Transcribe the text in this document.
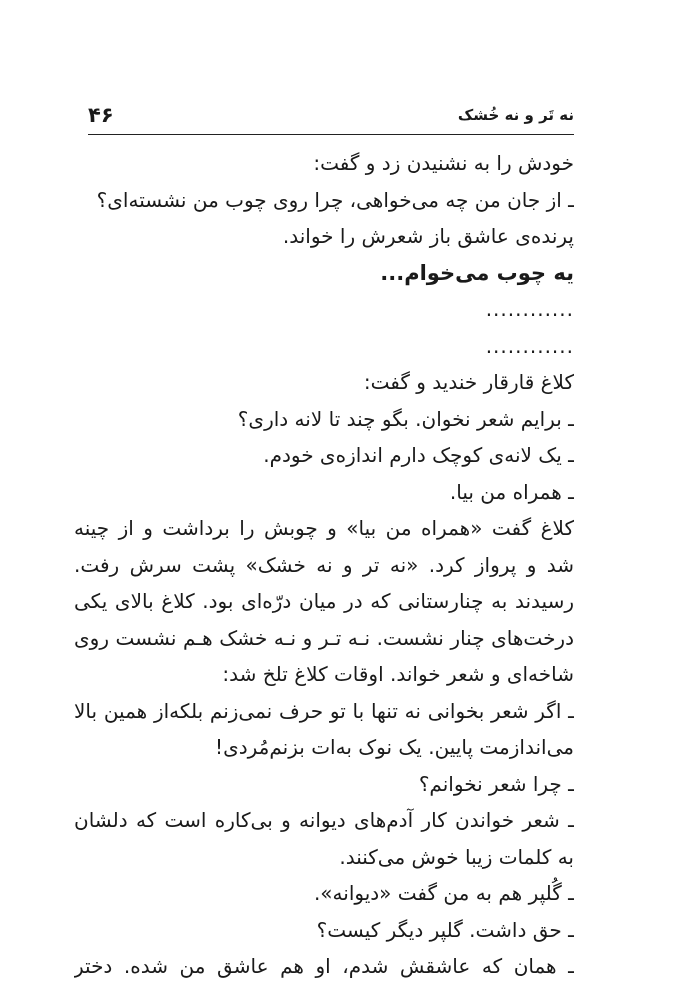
۴۶	نه تَر و نه خُشک
خودش را به نشنیدن زد و گفت:
ـ از جان من چه می‌خواهی، چرا روی چوب من نشسته‌ای؟
پرنده‌ی عاشق باز شعرش را خواند.
یه چوب می‌خوام...
............
............
کلاغ قارقار خندید و گفت:
ـ برایم شعر نخوان. بگو چند تا لانه داری؟
ـ یک لانه‌ی کوچک دارم اندازه‌ی خودم.
ـ همراه من بیا.
کلاغ گفت «همراه من بیا» و چوبش را برداشت و از چینه
شد و پرواز کرد. «نه تر و نه خشک» پشت سرش رفت.
رسیدند به چنارستانی که در میان درّه‌ای بود. کلاغ بالای یکی
درخت‌های چنار نشست. نـه تـر و نـه خشک هـم نشست روی
شاخه‌ای و شعر خواند. اوقات کلاغ تلخ شد:
ـ اگر شعر بخوانی نه تنها با تو حرف نمی‌زنم بلکه‌از همین بالا
می‌اندازمت پایین. یک نوک به‌ات بزنم‌مُردی!
ـ چرا شعر نخوانم؟
ـ شعر خواندن کار آدم‌های دیوانه و بی‌کاره است که دلشان
به کلمات زیبا خوش می‌کنند.
ـ گُلپر هم به من گفت «دیوانه».
ـ حق داشت. گلپر دیگر کیست؟
ـ همان که عاشقش شدم، او هم عاشق من شده. دختر
